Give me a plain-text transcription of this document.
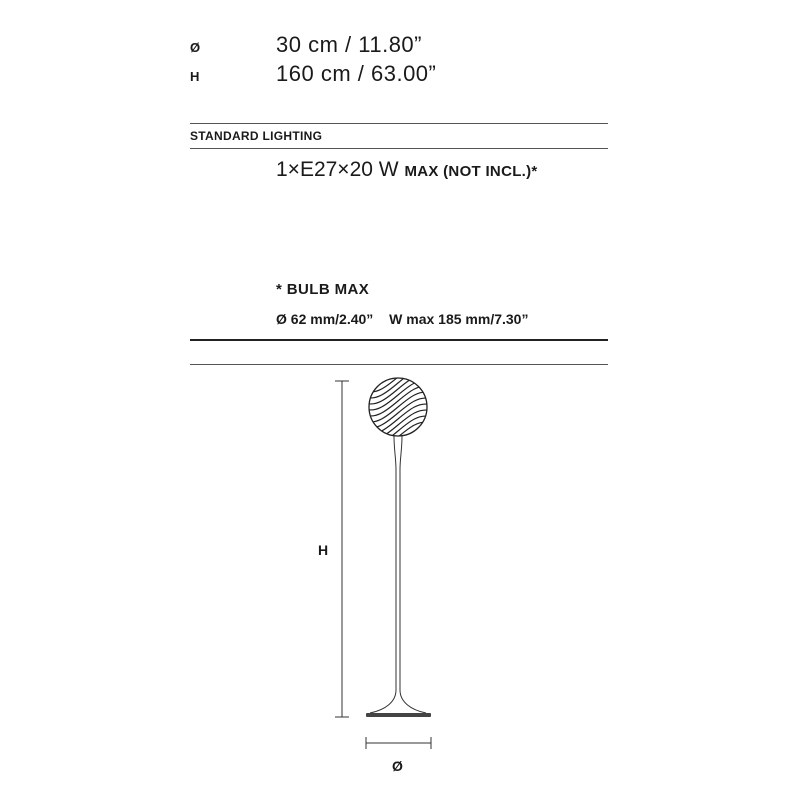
Ø	30 cm / 11.80”
H	160 cm / 63.00”
STANDARD LIGHTING
1×E27×20 W MAX (NOT INCL.)*
* BULB MAX
Ø 62 mm/2.40” W max 185 mm/7.30”
H
Ø
